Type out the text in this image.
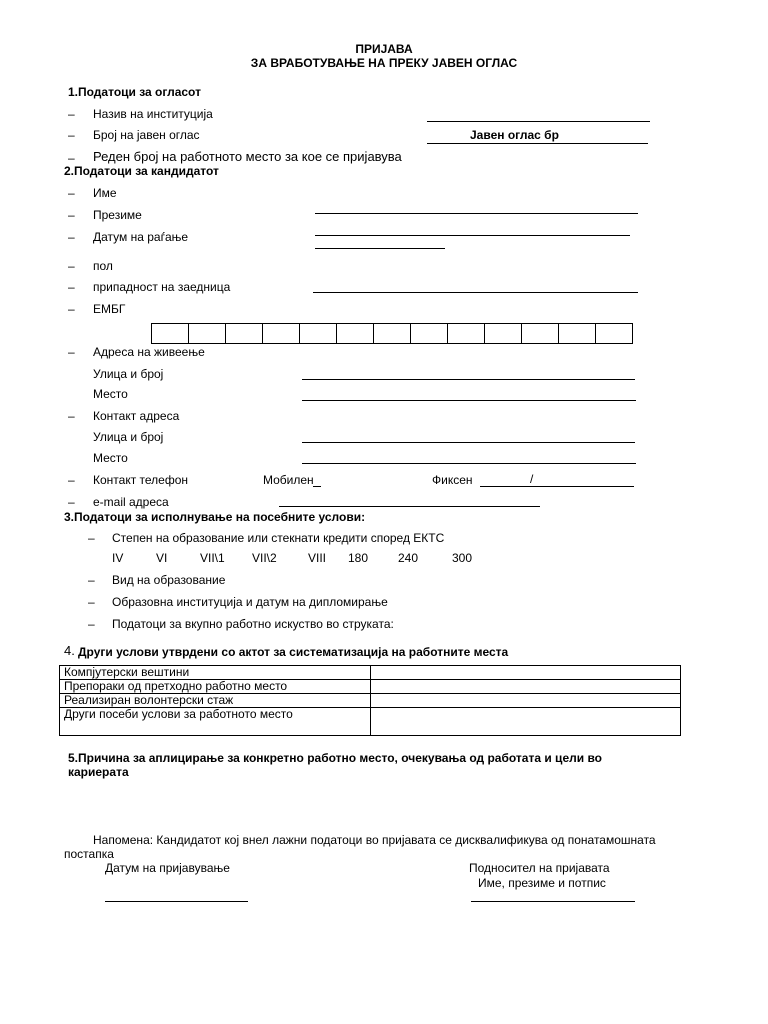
ПРИЈАВА
ЗА ВРАБОТУВАЊЕ НА ПРЕКУ ЈАВЕН ОГЛАС
1.Податоци за огласот
– Назив на институција
– Број на јавен оглас	Јавен оглас бр
– Реден број на работното место за кое се пријавува
2.Податоци за кандидатот
– Име
– Презиме
– Датум на раѓање
– пол
– припадност на заедница
– ЕМБГ

– Адреса на живеење
Улица и број
Место
– Контакт адреса
Улица и број
Место
– Контакт телефон	Мобилен	Фиксен	/
– e-mail адреса
3.Податоци за исполнување на посебните услови:
– Степен на образование или стекнати кредити според ЕКТС
IV	VI	VII\1 VII\2	VIII 180 240	300
– Вид на образование
– Образовна институција и датум на дипломирање
– Податоци за вкупно работно искуство во струката:
4. Други услови утврдени со актот за систематизација на работните места
Компјутерски вештини	
Препораки од претходно работно место	
Реализиран волонтерски стаж	
Други посеби услови за работното место	
5.Причина за аплицирање за конкретно работно место, очекувања од работата и цели во
кариерата
Напомена: Кандидатот кој внел лажни податоци во пријавата се дисквалификува од понатамошната
постапка
Датум на пријавување	Подносител на пријавата
Име, презиме и потпис
